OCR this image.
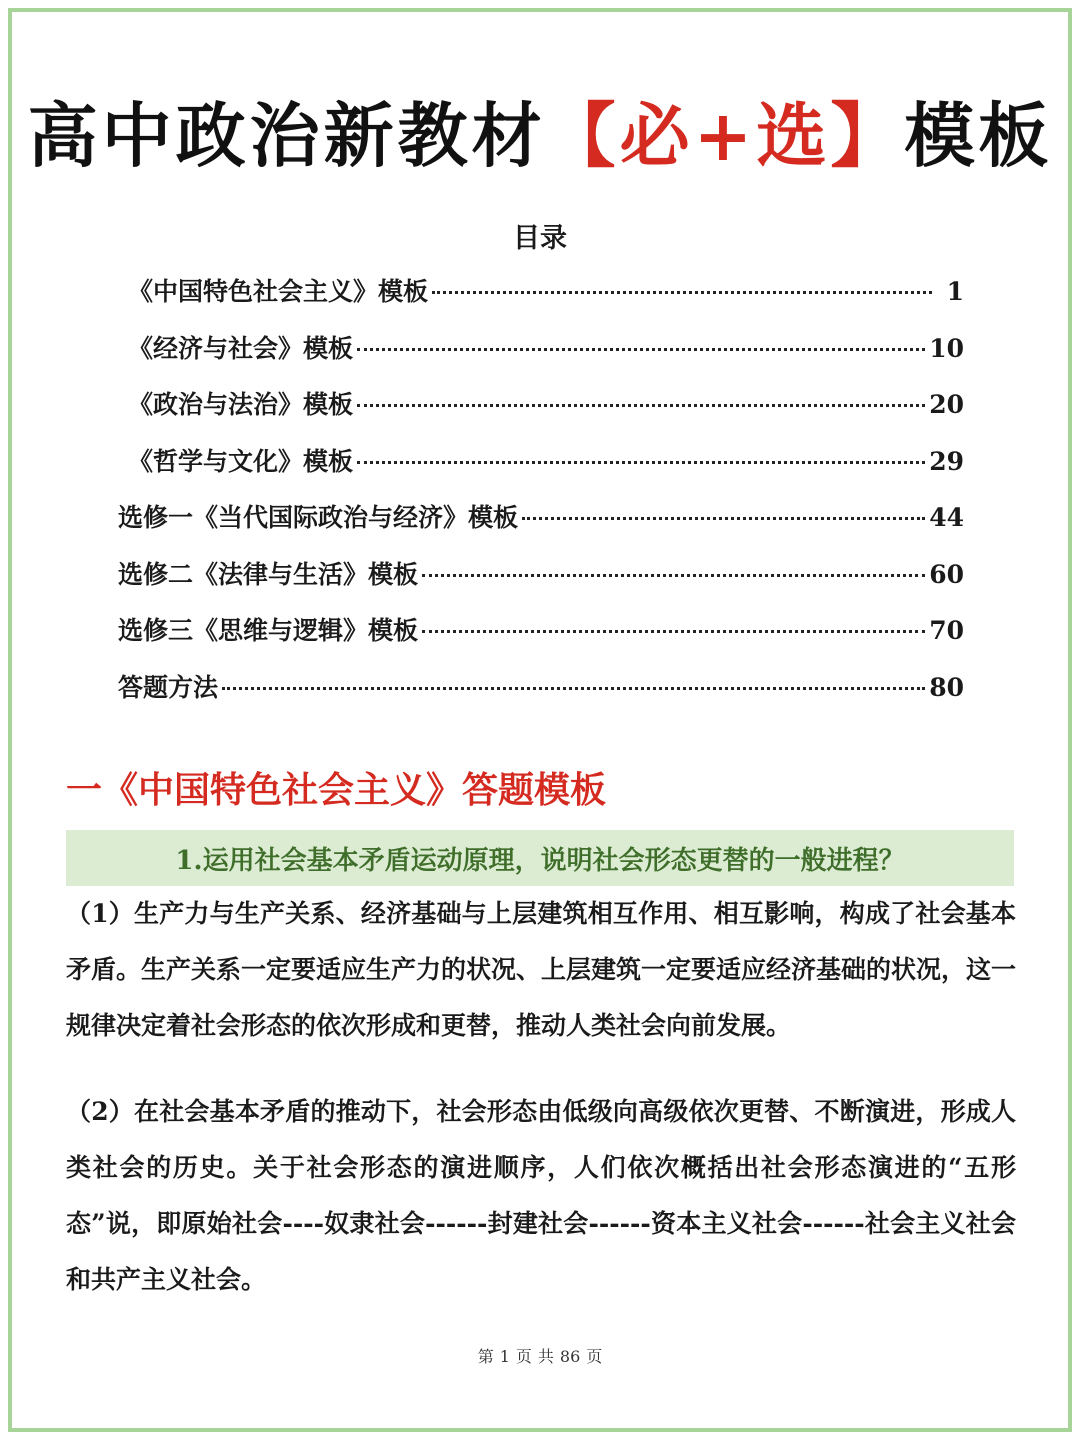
高中政治新教材【必+选】模板
目录
《中国特色社会主义》模板	1
《经济与社会》模板	10
《政治与法治》模板	20
《哲学与文化》模板	29
选修一《当代国际政治与经济》模板	44
选修二《法律与生活》模板	60
选修三《思维与逻辑》模板	70
答题方法	80
一《中国特色社会主义》答题模板
1.运用社会基本矛盾运动原理，说明社会形态更替的一般进程？
（1）生产力与生产关系、经济基础与上层建筑相互作用、相互影响，构成了社会基本矛盾。生产关系一定要适应生产力的状况、上层建筑一定要适应经济基础的状况，这一规律决定着社会形态的依次形成和更替，推动人类社会向前发展。
（2）在社会基本矛盾的推动下，社会形态由低级向高级依次更替、不断演进，形成人类社会的历史。关于社会形态的演进顺序，人们依次概括出社会形态演进的“五形态”说，即原始社会----奴隶社会------封建社会------资本主义社会------社会主义社会和共产主义社会。
第 1 页 共 86 页
